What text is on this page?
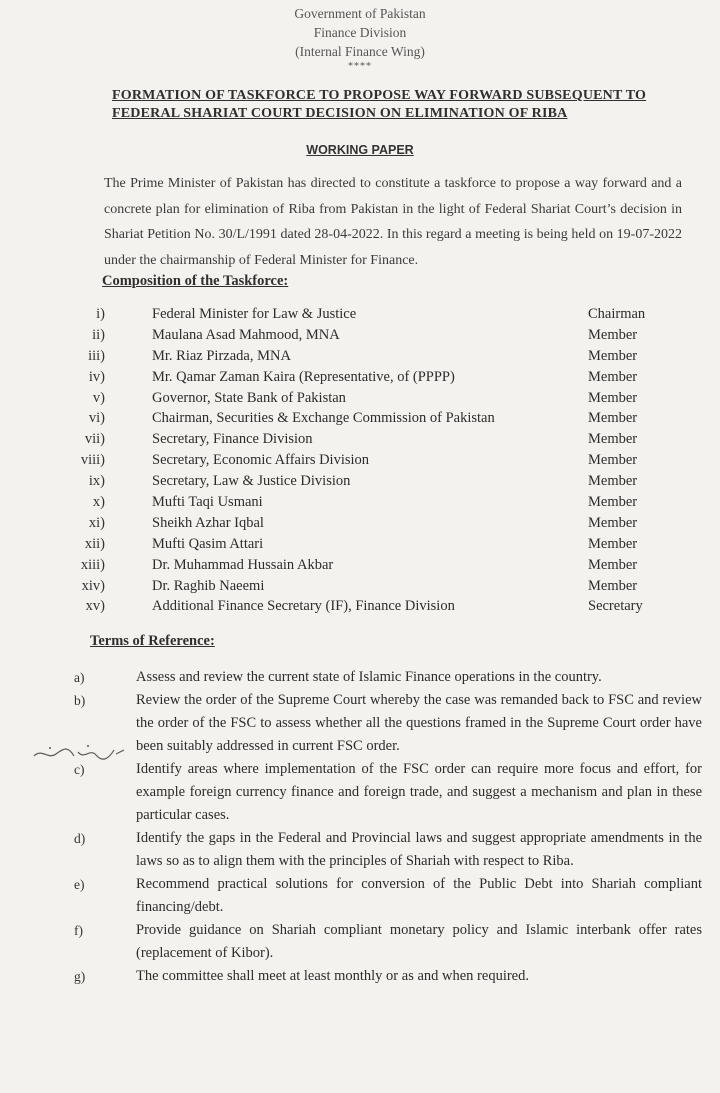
Government of Pakistan
Finance Division
(Internal Finance Wing)
****
FORMATION OF TASKFORCE TO PROPOSE WAY FORWARD SUBSEQUENT TO FEDERAL SHARIAT COURT DECISION ON ELIMINATION OF RIBA
WORKING PAPER
The Prime Minister of Pakistan has directed to constitute a taskforce to propose a way forward and a concrete plan for elimination of Riba from Pakistan in the light of Federal Shariat Court’s decision in Shariat Petition No. 30/L/1991 dated 28-04-2022. In this regard a meeting is being held on 19-07-2022 under the chairmanship of Federal Minister for Finance.
Composition of the Taskforce:
i)	Federal Minister for Law & Justice	Chairman
ii)	Maulana Asad Mahmood, MNA	Member
iii)	Mr. Riaz Pirzada, MNA	Member
iv)	Mr. Qamar Zaman Kaira (Representative, of (PPPP)	Member
v)	Governor, State Bank of Pakistan	Member
vi)	Chairman, Securities & Exchange Commission of Pakistan	Member
vii)	Secretary, Finance Division	Member
viii)	Secretary, Economic Affairs Division	Member
ix)	Secretary, Law & Justice Division	Member
x)	Mufti Taqi Usmani	Member
xi)	Sheikh Azhar Iqbal	Member
xii)	Mufti Qasim Attari	Member
xiii)	Dr. Muhammad Hussain Akbar	Member
xiv)	Dr. Raghib Naeemi	Member
xv)	Additional Finance Secretary (IF), Finance Division	Secretary
Terms of Reference:
a)	Assess and review the current state of Islamic Finance operations in the country.
b)	Review the order of the Supreme Court whereby the case was remanded back to FSC and review the order of the FSC to assess whether all the questions framed in the Supreme Court order have been suitably addressed in current FSC order.
c)	Identify areas where implementation of the FSC order can require more focus and effort, for example foreign currency finance and foreign trade, and suggest a mechanism and plan in these particular cases.
d)	Identify the gaps in the Federal and Provincial laws and suggest appropriate amendments in the laws so as to align them with the principles of Shariah with respect to Riba.
e)	Recommend practical solutions for conversion of the Public Debt into Shariah compliant financing/debt.
f)	Provide guidance on Shariah compliant monetary policy and Islamic interbank offer rates (replacement of Kibor).
g)	The committee shall meet at least monthly or as and when required.
